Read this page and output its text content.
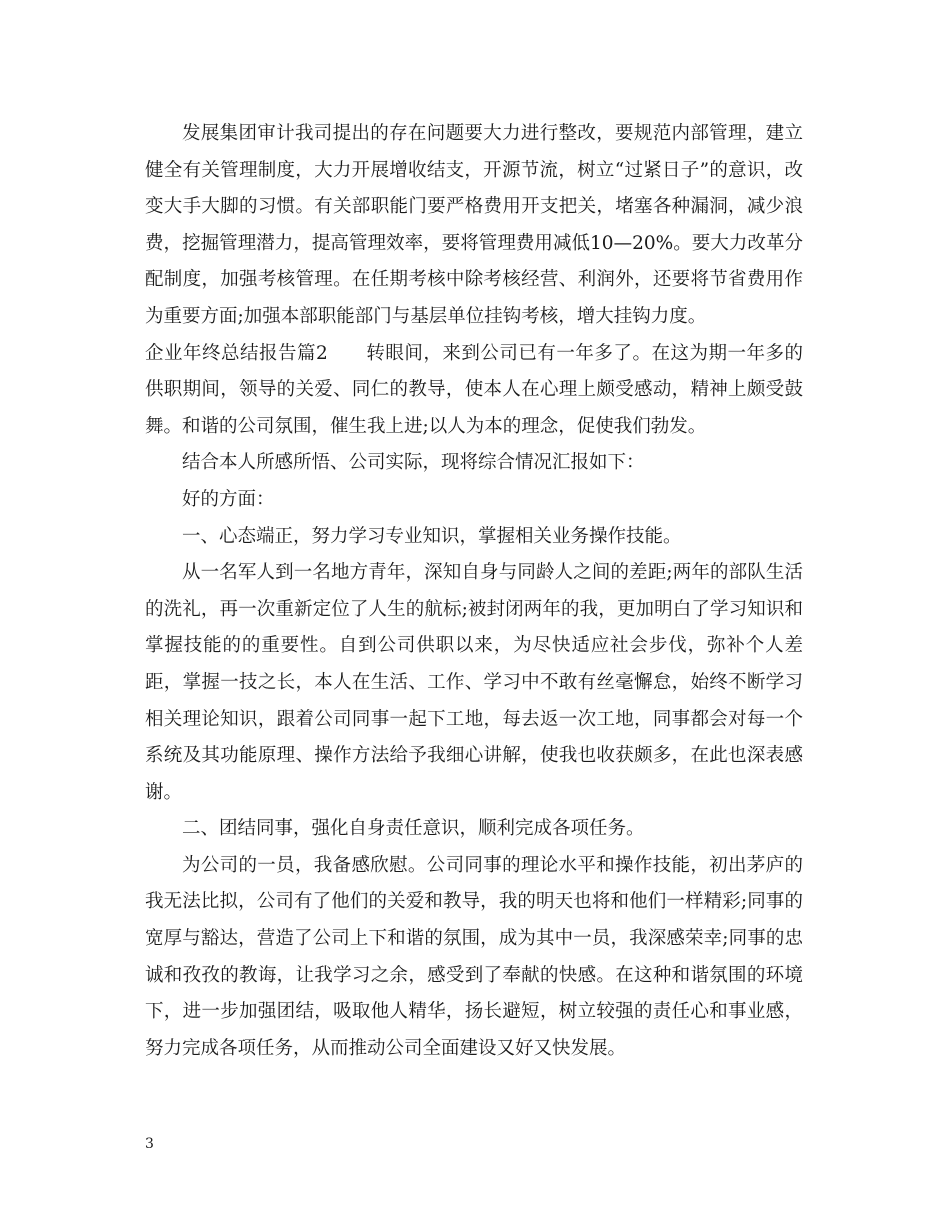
发展集团审计我司提出的存在问题要大力进行整改，要规范内部管理，建立健全有关管理制度，大力开展增收结支，开源节流，树立“过紧日子”的意识，改变大手大脚的习惯。有关部职能门要严格费用开支把关，堵塞各种漏洞，减少浪费，挖掘管理潜力，提高管理效率，要将管理费用减低10—20%。要大力改革分配制度，加强考核管理。在任期考核中除考核经营、利润外，还要将节省费用作为重要方面;加强本部职能部门与基层单位挂钩考核，增大挂钩力度。

企业年终总结报告篇2　　转眼间，来到公司已有一年多了。在这为期一年多的供职期间，领导的关爱、同仁的教导，使本人在心理上颇受感动，精神上颇受鼓舞。和谐的公司氛围，催生我上进;以人为本的理念，促使我们勃发。

结合本人所感所悟、公司实际，现将综合情况汇报如下：

好的方面：

一、心态端正，努力学习专业知识，掌握相关业务操作技能。

从一名军人到一名地方青年，深知自身与同龄人之间的差距;两年的部队生活的洗礼，再一次重新定位了人生的航标;被封闭两年的我，更加明白了学习知识和掌握技能的的重要性。自到公司供职以来，为尽快适应社会步伐，弥补个人差距，掌握一技之长，本人在生活、工作、学习中不敢有丝毫懈怠，始终不断学习相关理论知识，跟着公司同事一起下工地，每去返一次工地，同事都会对每一个系统及其功能原理、操作方法给予我细心讲解，使我也收获颇多，在此也深表感谢。

二、团结同事，强化自身责任意识，顺利完成各项任务。

为公司的一员，我备感欣慰。公司同事的理论水平和操作技能，初出茅庐的我无法比拟，公司有了他们的关爱和教导，我的明天也将和他们一样精彩;同事的宽厚与豁达，营造了公司上下和谐的氛围，成为其中一员，我深感荣幸;同事的忠诚和孜孜的教诲，让我学习之余，感受到了奉献的快感。在这种和谐氛围的环境下，进一步加强团结，吸取他人精华，扬长避短，树立较强的责任心和事业感，努力完成各项任务，从而推动公司全面建设又好又快发展。

3
